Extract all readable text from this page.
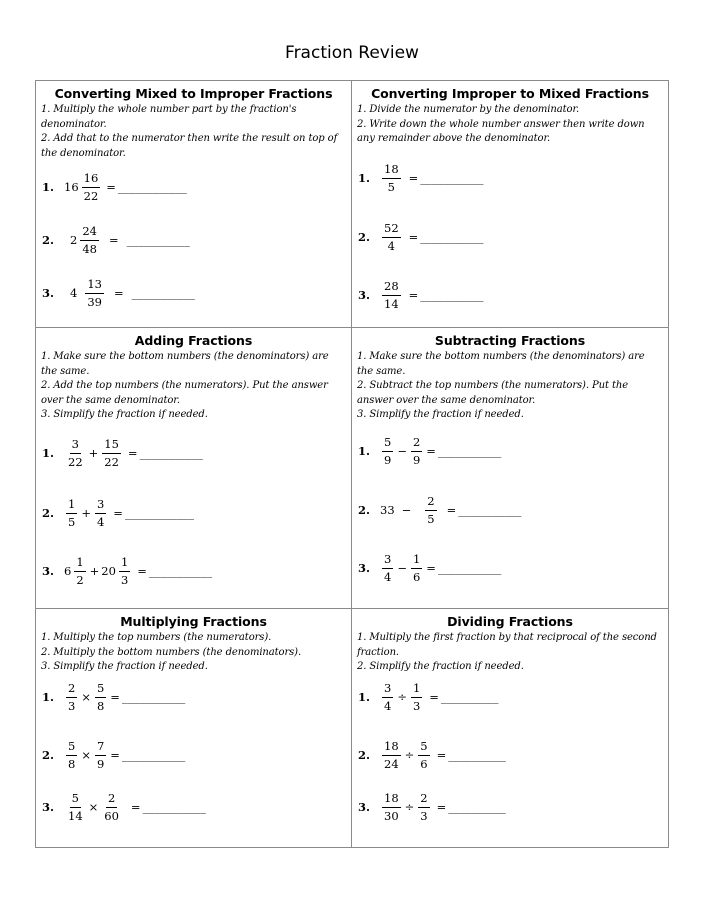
Fraction Review
Converting Mixed to Improper Fractions
1. Multiply the whole number part by the fraction's denominator.
2. Add that to the numerator then write the result on top of the denominator.
1. $16 \frac{16}{22}$ = ____________
2.	$2 \frac{24}{48}$ = ___________
3.	$4 \frac{13}{39}$ = ___________
Converting Improper to Mixed Fractions
1. Divide the numerator by the denominator.
2. Write down the whole number answer then write down any remainder above the denominator.
1.	$\frac{18}{5}$ = ___________
2.	$\frac{52}{4}$ = ___________
3.	$\frac{28}{14}$ = ___________
Adding Fractions
1. Make sure the bottom numbers (the denominators) are the same.
2. Add the top numbers (the numerators). Put the answer over the same denominator.
3. Simplify the fraction if needed.
1.	$\frac{3}{22} + \frac{15}{22}$ = ___________
2.	$\frac{1}{5} + \frac{3}{4}$ = ____________
3. $6 \frac{1}{2} + 20 \frac{1}{3}$ = ___________
Subtracting Fractions
1. Make sure the bottom numbers (the denominators) are the same.
2. Subtract the top numbers (the numerators). Put the answer over the same denominator.
3. Simplify the fraction if needed.
1.	$\frac{5}{9} - \frac{2}{9}$ = ___________
2. $33 - \frac{2}{5}$ = ___________
3.	$\frac{3}{4} - \frac{1}{6}$ = ___________
Multiplying Fractions
1. Multiply the top numbers (the numerators).
2. Multiply the bottom numbers (the denominators).
3. Simplify the fraction if needed.
1.	$\frac{2}{3} \times \frac{5}{8}$ = ___________
2.	$\frac{5}{8} \times \frac{7}{9}$ = ___________
3.	$\frac{5}{14} \times \frac{2}{60}$ = ___________
Dividing Fractions
1. Multiply the first fraction by that reciprocal of the second fraction.
2. Simplify the fraction if needed.
1.	$\frac{3}{4} \div \frac{1}{3}$ = __________
2.	$\frac{18}{24} \div \frac{5}{6}$ = __________
3.	$\frac{18}{30} \div \frac{2}{3}$ = __________
